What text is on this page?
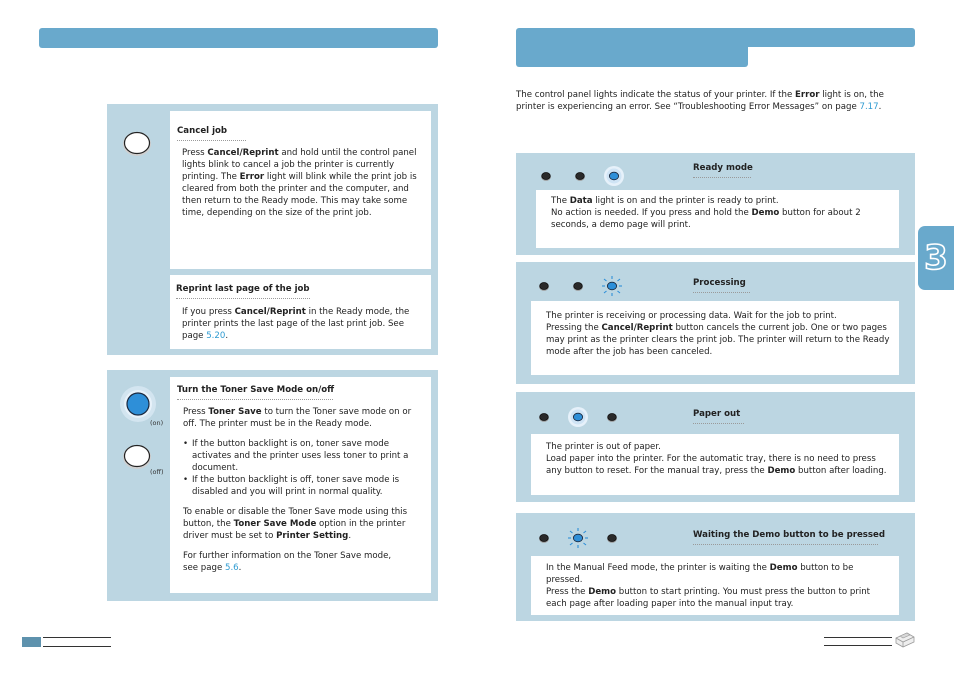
Cancel job

Press Cancel/Reprint and hold until the control panel lights blink to cancel a job the printer is currently printing. The Error light will blink while the print job is cleared from both the printer and the computer, and then return to the Ready mode. This may take some time, depending on the size of the print job.

Reprint last page of the job

If you press Cancel/Reprint in the Ready mode, the printer prints the last page of the last print job. See page 5.20.

(on)
(off)
Turn the Toner Save Mode on/off

Press Toner Save to turn the Toner save mode on or off. The printer must be in the Ready mode.

• If the button backlight is on, toner save mode activates and the printer uses less toner to print a document.
• If the button backlight is off, toner save mode is disabled and you will print in normal quality.

To enable or disable the Toner Save mode using this button, the Toner Save Mode option in the printer driver must be set to Printer Setting.

For further information on the Toner Save mode, see page 5.6.

The control panel lights indicate the status of your printer. If the Error light is on, the printer is experiencing an error. See “Troubleshooting Error Messages” on page 7.17.

Ready mode

The Data light is on and the printer is ready to print.

No action is needed. If you press and hold the Demo button for about 2 seconds, a demo page will print.

Processing

The printer is receiving or processing data. Wait for the job to print.

Pressing the Cancel/Reprint button cancels the current job. One or two pages may print as the printer clears the print job. The printer will return to the Ready mode after the job has been canceled.

Paper out

The printer is out of paper.

Load paper into the printer. For the automatic tray, there is no need to press any button to reset. For the manual tray, press the Demo button after loading.

Waiting the Demo button to be pressed

In the Manual Feed mode, the printer is waiting the Demo button to be pressed.

Press the Demo button to start printing. You must press the button to print each page after loading paper into the manual input tray.

3
